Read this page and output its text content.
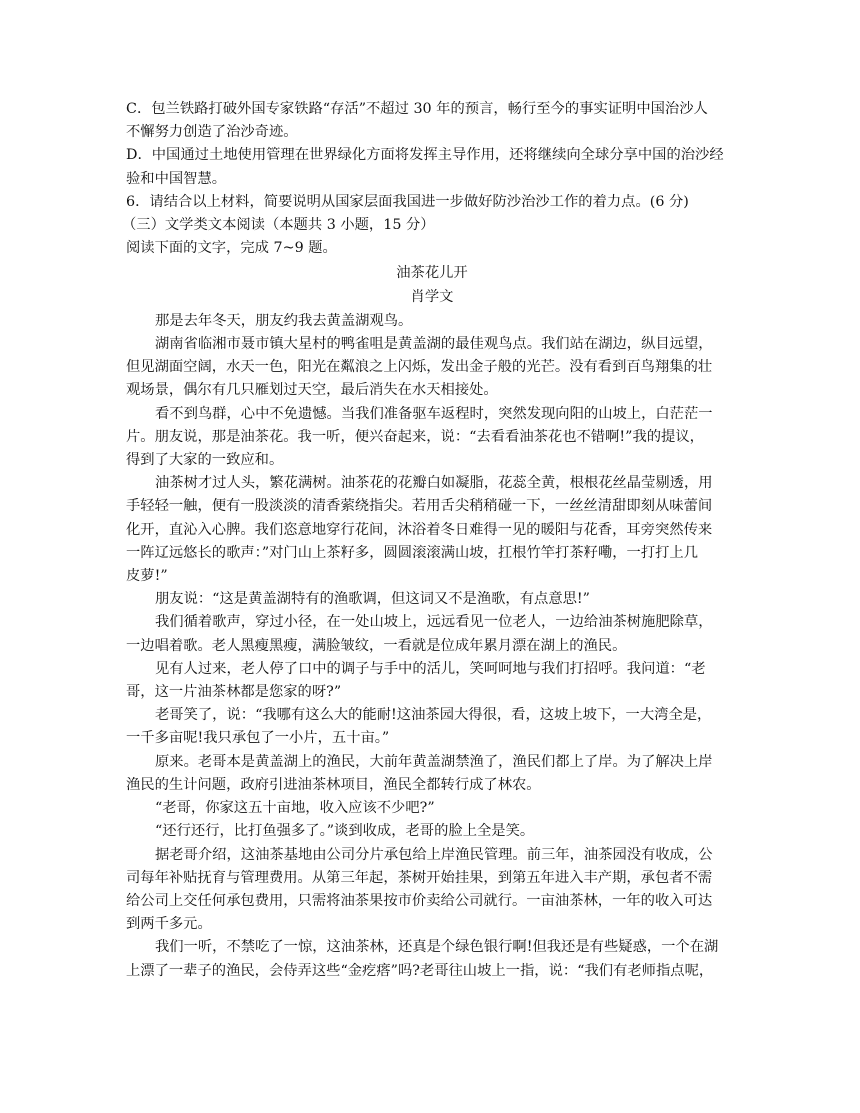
C．包兰铁路打破外国专家铁路“存活”不超过 30 年的预言，畅行至今的事实证明中国治沙人
不懈努力创造了治沙奇迹。
D．中国通过土地使用管理在世界绿化方面将发挥主导作用，还将继续向全球分享中国的治沙经
验和中国智慧。
6．请结合以上材料，简要说明从国家层面我国进一步做好防沙治沙工作的着力点。(6 分)
（三）文学类文本阅读（本题共 3 小题，15 分）
阅读下面的文字，完成 7~9 题。
油茶花儿开
肖学文
那是去年冬天，朋友约我去黄盖湖观鸟。
湖南省临湘市聂市镇大星村的鸭雀咀是黄盖湖的最佳观鸟点。我们站在湖边，纵目远望，
但见湖面空阔，水天一色，阳光在粼浪之上闪烁，发出金子般的光芒。没有看到百鸟翔集的壮
观场景，偶尔有几只雁划过天空，最后消失在水天相接处。
看不到鸟群，心中不免遗憾。当我们准备驱车返程时，突然发现向阳的山坡上，白茫茫一
片。朋友说，那是油茶花。我一听，便兴奋起来，说：“去看看油茶花也不错啊!”我的提议，
得到了大家的一致应和。
油茶树才过人头，繁花满树。油茶花的花瓣白如凝脂，花蕊全黄，根根花丝晶莹剔透，用
手轻轻一触，便有一股淡淡的清香萦绕指尖。若用舌尖稍稍碰一下，一丝丝清甜即刻从味蕾间
化开，直沁入心脾。我们恣意地穿行花间，沐浴着冬日难得一见的暖阳与花香，耳旁突然传来
一阵辽远悠长的歌声：”对门山上茶籽多，圆圆滚滚满山坡，扛根竹竿打茶籽嘞，一打打上几
皮萝!”
朋友说：“这是黄盖湖特有的渔歌调，但这词又不是渔歌，有点意思!”
我们循着歌声，穿过小径，在一处山坡上，远远看见一位老人，一边给油茶树施肥除草，
一边唱着歌。老人黑瘦黑瘦，满脸皱纹，一看就是位成年累月漂在湖上的渔民。
见有人过来，老人停了口中的调子与手中的活儿，笑呵呵地与我们打招呼。我问道：“老
哥，这一片油茶林都是您家的呀?”
老哥笑了，说：“我哪有这么大的能耐!这油茶园大得很，看，这坡上坡下，一大湾全是，
一千多亩呢!我只承包了一小片，五十亩。”
原来。老哥本是黄盖湖上的渔民，大前年黄盖湖禁渔了，渔民们都上了岸。为了解决上岸
渔民的生计问题，政府引进油茶林项目，渔民全都转行成了林农。
“老哥，你家这五十亩地，收入应该不少吧?”
“还行还行，比打鱼强多了。”谈到收成，老哥的脸上全是笑。
据老哥介绍，这油茶基地由公司分片承包给上岸渔民管理。前三年，油茶园没有收成，公
司每年补贴抚育与管理费用。从第三年起，茶树开始挂果，到第五年进入丰产期，承包者不需
给公司上交任何承包费用，只需将油茶果按市价卖给公司就行。一亩油茶林，一年的收入可达
到两千多元。
我们一听，不禁吃了一惊，这油茶林，还真是个绿色银行啊!但我还是有些疑惑，一个在湖
上漂了一辈子的渔民，会侍弄这些“金疙瘩”吗?老哥往山坡上一指，说：“我们有老师指点呢，
